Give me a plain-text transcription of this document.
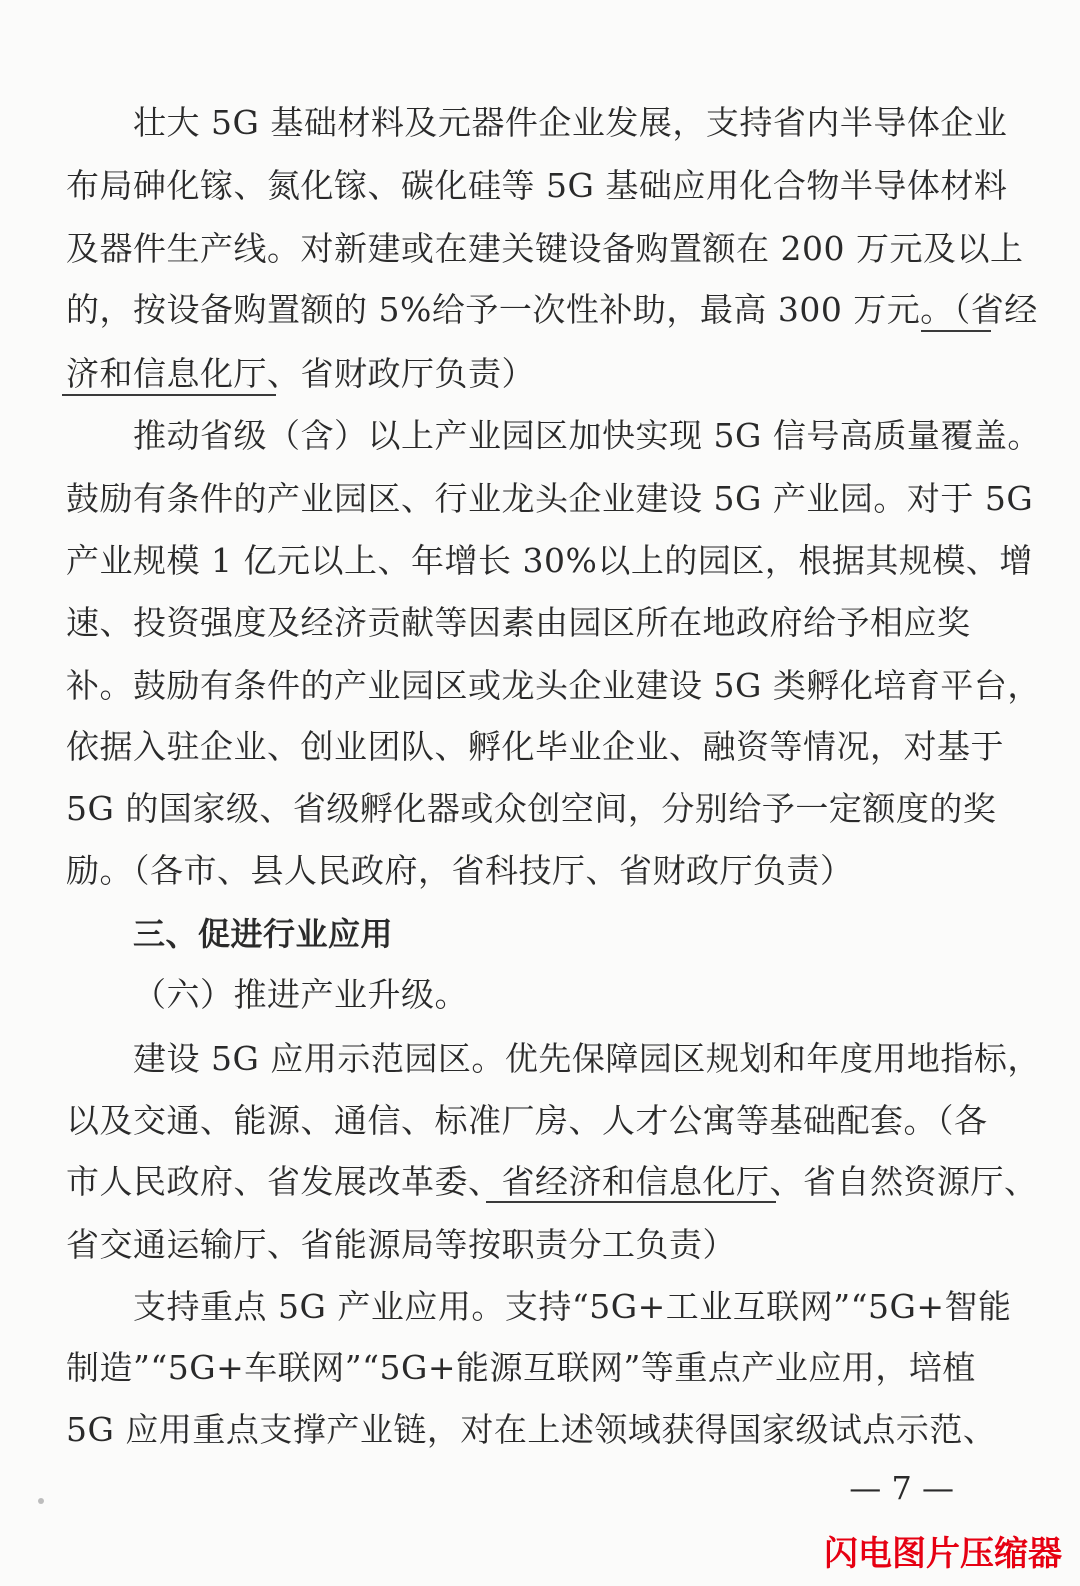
壮大 5G 基础材料及元器件企业发展，支持省内半导体企业
布局砷化镓、氮化镓、碳化硅等 5G 基础应用化合物半导体材料
及器件生产线。对新建或在建关键设备购置额在 200 万元及以上
的，按设备购置额的 5%给予一次性补助，最高 300 万元。（省经
济和信息化厅、省财政厅负责）
推动省级（含）以上产业园区加快实现 5G 信号高质量覆盖。
鼓励有条件的产业园区、行业龙头企业建设 5G 产业园。对于 5G
产业规模 1 亿元以上、年增长 30%以上的园区，根据其规模、增
速、投资强度及经济贡献等因素由园区所在地政府给予相应奖
补。鼓励有条件的产业园区或龙头企业建设 5G 类孵化培育平台，
依据入驻企业、创业团队、孵化毕业企业、融资等情况，对基于
5G 的国家级、省级孵化器或众创空间，分别给予一定额度的奖
励。（各市、县人民政府，省科技厅、省财政厅负责）
三、促进行业应用
（六）推进产业升级。
建设 5G 应用示范园区。优先保障园区规划和年度用地指标，
以及交通、能源、通信、标准厂房、人才公寓等基础配套。（各
市人民政府、省发展改革委、省经济和信息化厅、省自然资源厅、
省交通运输厅、省能源局等按职责分工负责）
支持重点 5G 产业应用。支持“5G+工业互联网”“5G+智能
制造”“5G+车联网”“5G+能源互联网”等重点产业应用，培植
5G 应用重点支撑产业链，对在上述领域获得国家级试点示范、
— 7 —
闪电图片压缩器
